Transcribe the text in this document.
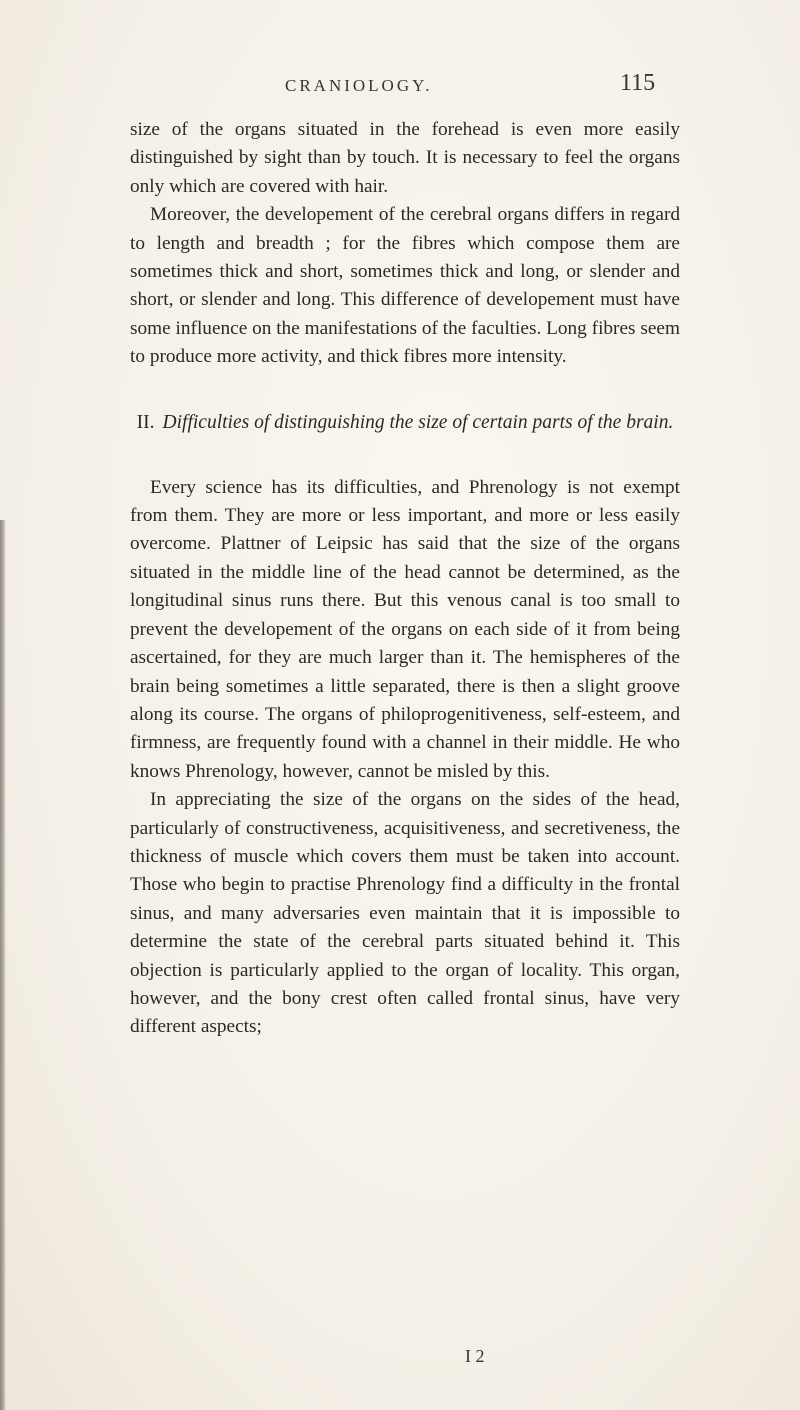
CRANIOLOGY.	115

size of the organs situated in the forehead is even more easily distinguished by sight than by touch. It is necessary to feel the organs only which are covered with hair.

Moreover, the developement of the cerebral organs differs in regard to length and breadth ; for the fibres which compose them are sometimes thick and short, sometimes thick and long, or slender and short, or slender and long. This difference of developement must have some influence on the manifestations of the faculties. Long fibres seem to produce more activity, and thick fibres more intensity.

II. Difficulties of distinguishing the size of certain parts of the brain.

Every science has its difficulties, and Phrenology is not exempt from them. They are more or less important, and more or less easily overcome. Plattner of Leipsic has said that the size of the organs situated in the middle line of the head cannot be determined, as the longitudinal sinus runs there. But this venous canal is too small to prevent the developement of the organs on each side of it from being ascertained, for they are much larger than it. The hemispheres of the brain being sometimes a little separated, there is then a slight groove along its course. The organs of philoprogenitiveness, self-esteem, and firmness, are frequently found with a channel in their middle. He who knows Phrenology, however, cannot be misled by this.

In appreciating the size of the organs on the sides of the head, particularly of constructiveness, acquisitiveness, and secretiveness, the thickness of muscle which covers them must be taken into account. Those who begin to practise Phrenology find a difficulty in the frontal sinus, and many adversaries even maintain that it is impossible to determine the state of the cerebral parts situated behind it. This objection is particularly applied to the organ of locality. This organ, however, and the bony crest often called frontal sinus, have very different aspects;

I 2
